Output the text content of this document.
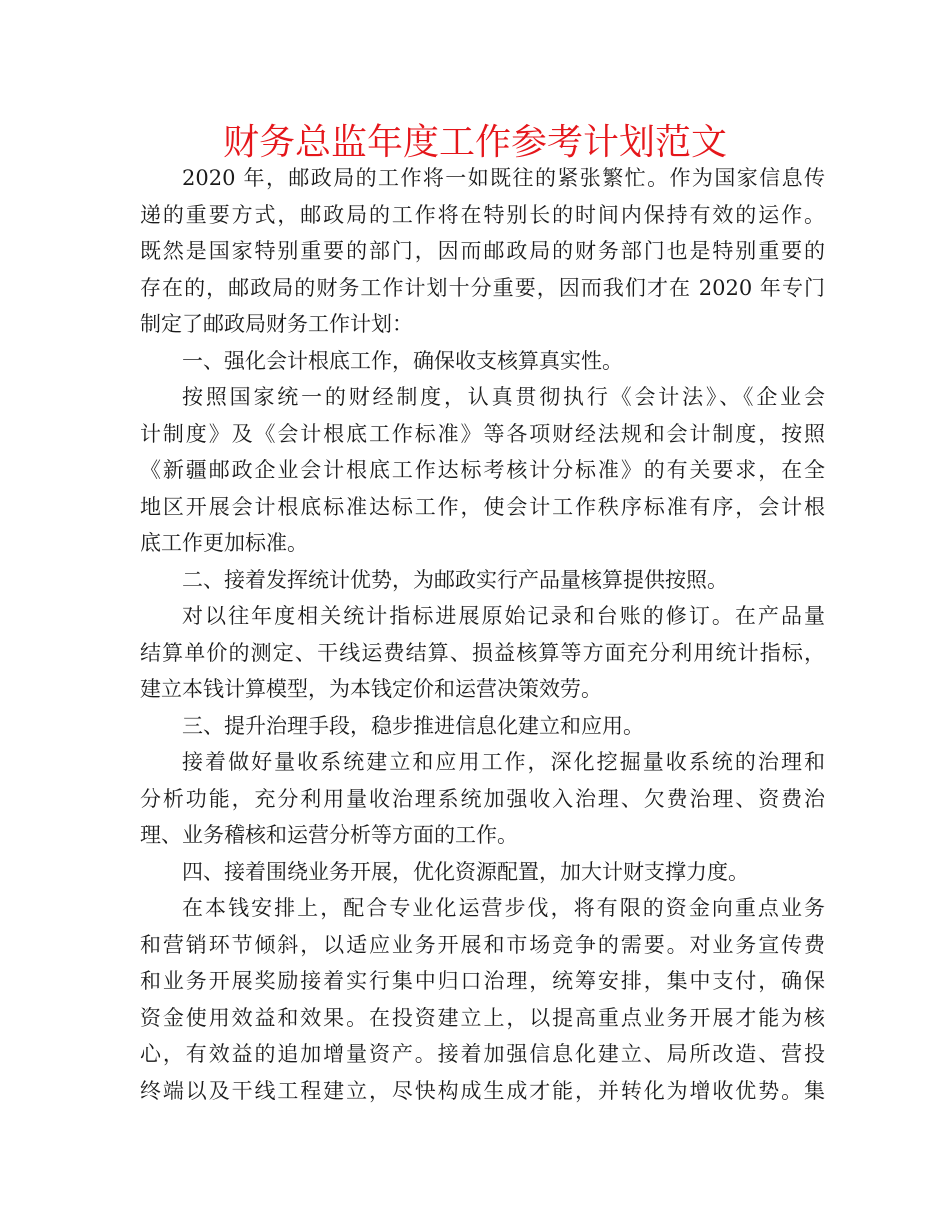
财务总监年度工作参考计划范文
2020 年，邮政局的工作将一如既往的紧张繁忙。作为国家信息传
递的重要方式，邮政局的工作将在特别长的时间内保持有效的运作。
既然是国家特别重要的部门，因而邮政局的财务部门也是特别重要的
存在的，邮政局的财务工作计划十分重要，因而我们才在 2020 年专门
制定了邮政局财务工作计划：
一、强化会计根底工作，确保收支核算真实性。
按照国家统一的财经制度，认真贯彻执行《会计法》、《企业会
计制度》及《会计根底工作标准》等各项财经法规和会计制度，按照
《新疆邮政企业会计根底工作达标考核计分标准》的有关要求，在全
地区开展会计根底标准达标工作，使会计工作秩序标准有序，会计根
底工作更加标准。
二、接着发挥统计优势，为邮政实行产品量核算提供按照。
对以往年度相关统计指标进展原始记录和台账的修订。在产品量
结算单价的测定、干线运费结算、损益核算等方面充分利用统计指标，
建立本钱计算模型，为本钱定价和运营决策效劳。
三、提升治理手段，稳步推进信息化建立和应用。
接着做好量收系统建立和应用工作，深化挖掘量收系统的治理和
分析功能，充分利用量收治理系统加强收入治理、欠费治理、资费治
理、业务稽核和运营分析等方面的工作。
四、接着围绕业务开展，优化资源配置，加大计财支撑力度。
在本钱安排上，配合专业化运营步伐，将有限的资金向重点业务
和营销环节倾斜，以适应业务开展和市场竞争的需要。对业务宣传费
和业务开展奖励接着实行集中归口治理，统筹安排，集中支付，确保
资金使用效益和效果。在投资建立上，以提高重点业务开展才能为核
心，有效益的追加增量资产。接着加强信息化建立、局所改造、营投
终端以及干线工程建立，尽快构成生成才能，并转化为增收优势。集
